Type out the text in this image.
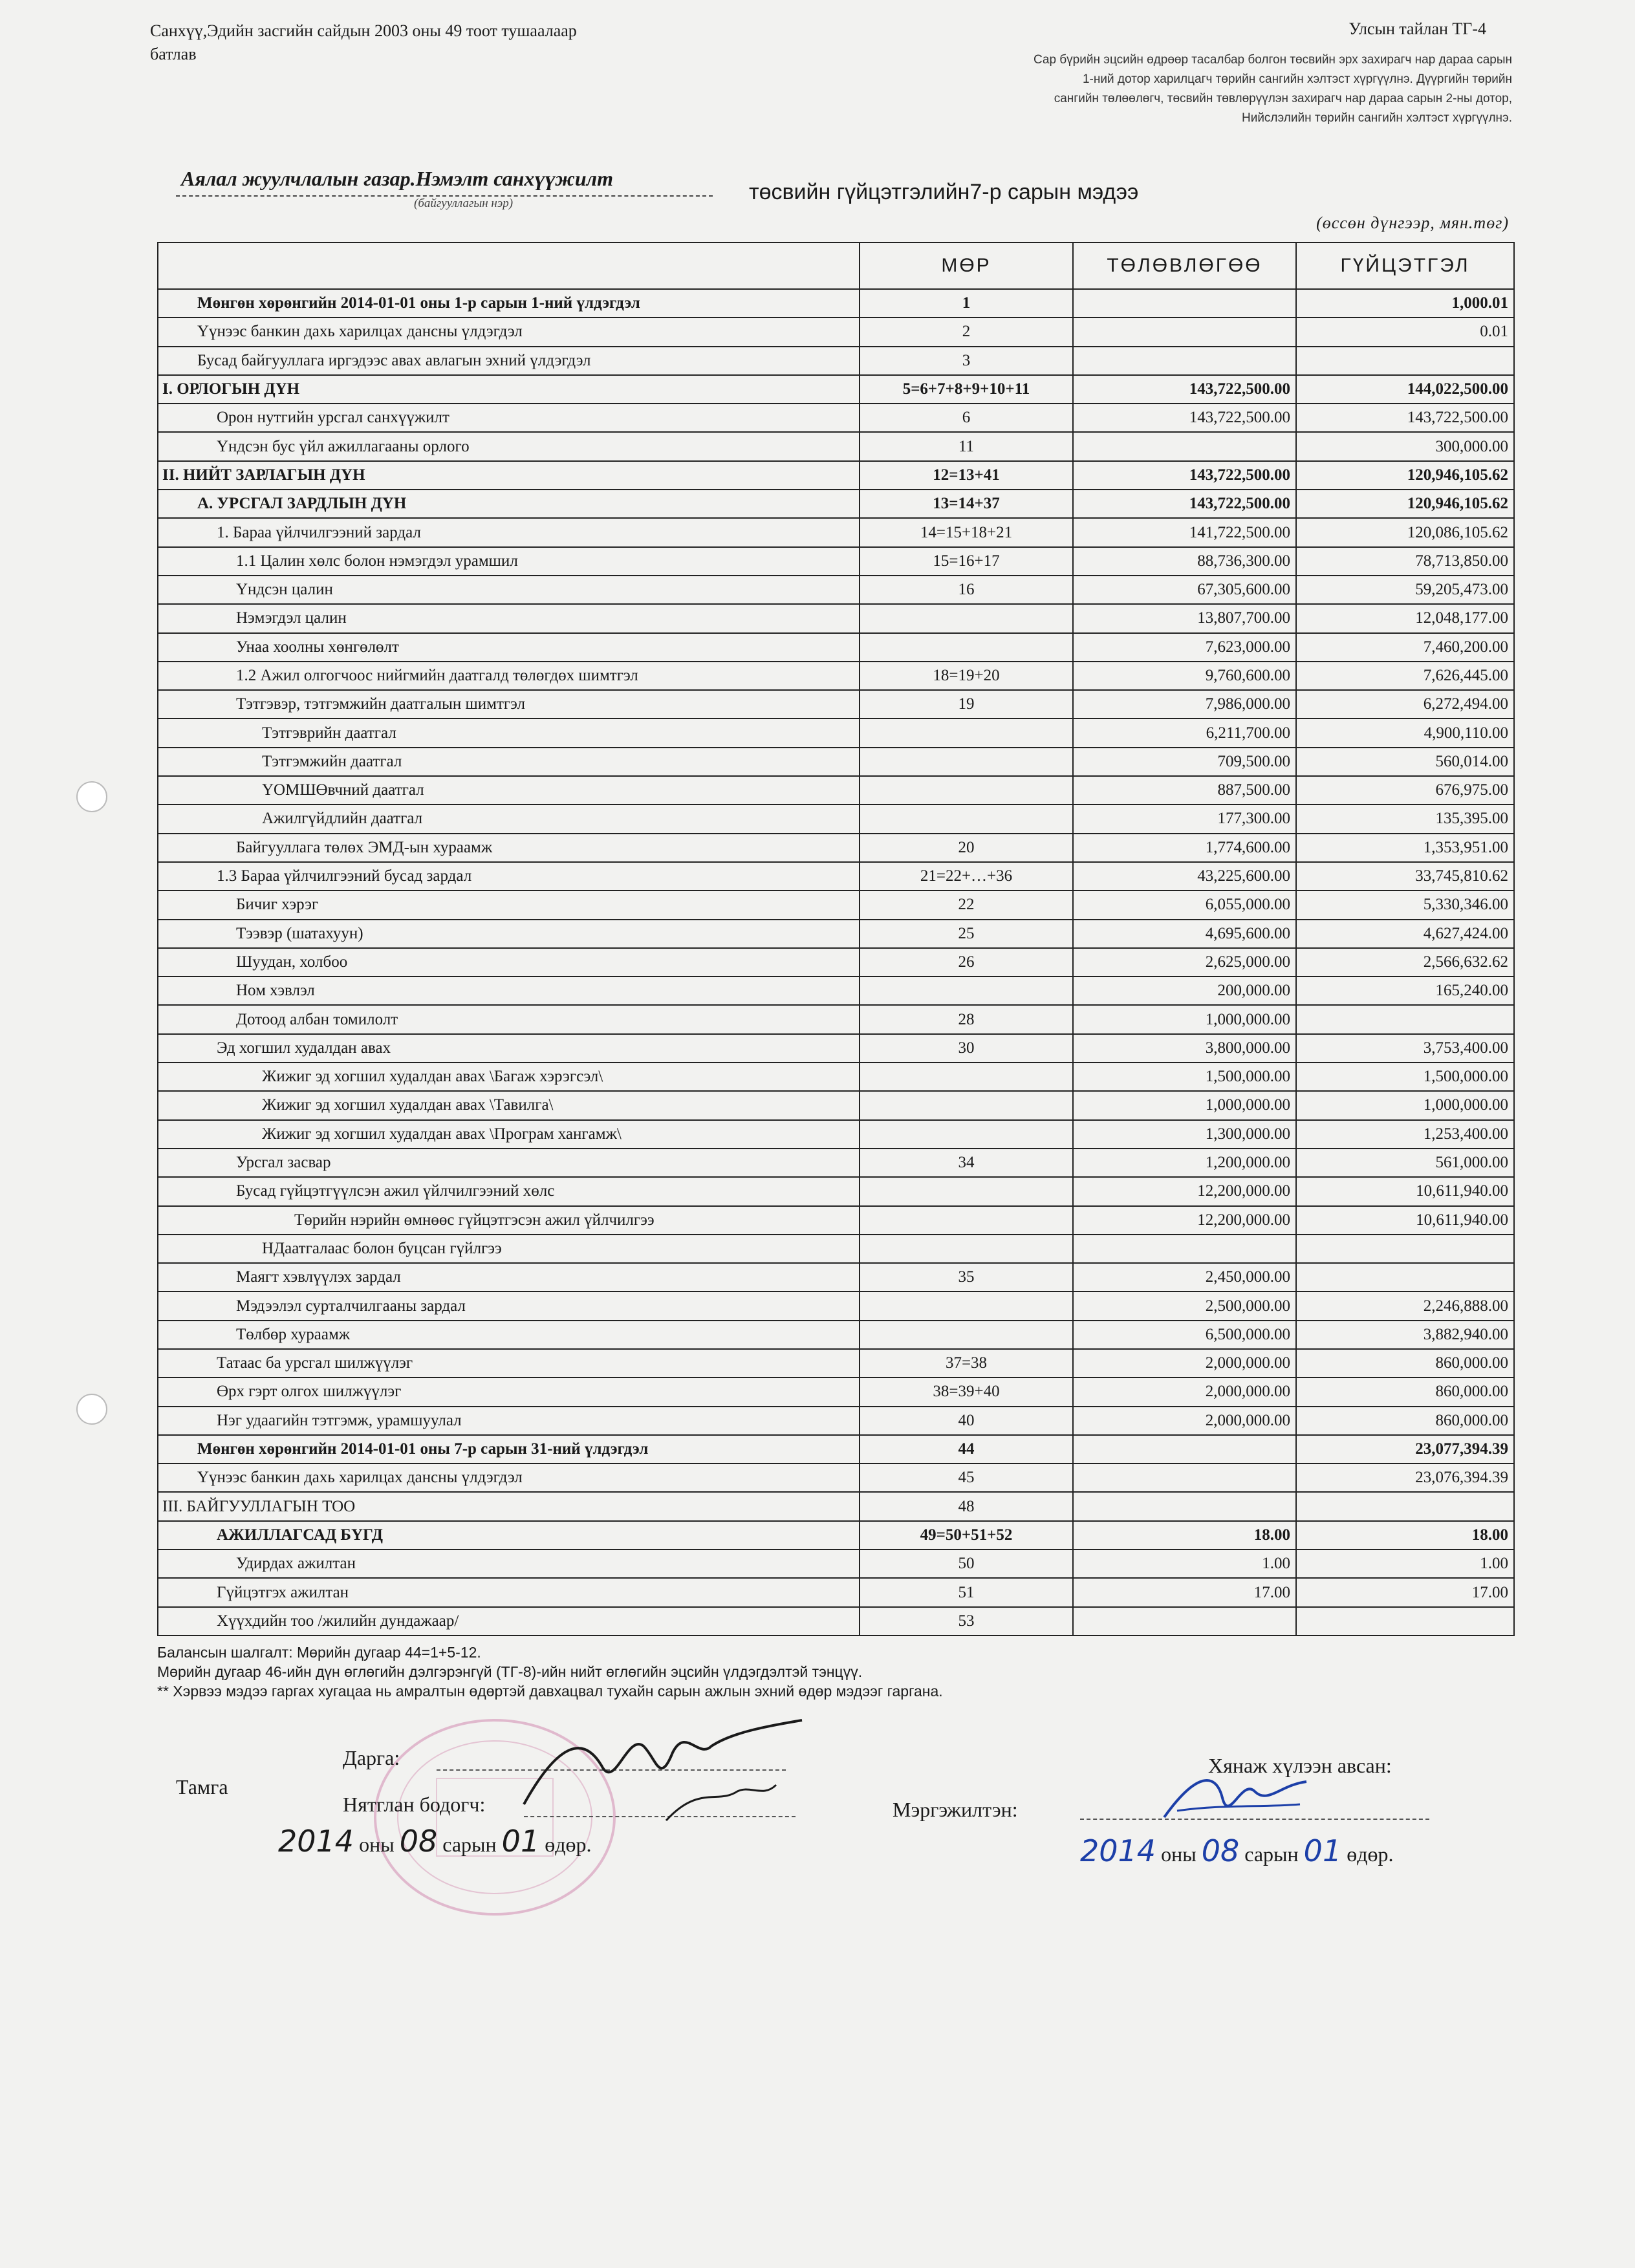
Санхүү,Эдийн засгийн сайдын 2003 оны 49 тоот тушаалаар
батлав
Улсын тайлан ТГ-4
Сар бүрийн эцсийн өдрөөр тасалбар болгон төсвийн эрх захирагч нар дараа сарын
1-ний дотор харилцагч төрийн сангийн хэлтэст хүргүүлнэ. Дүүргийн төрийн
сангийн төлөөлөгч, төсвийн төвлөрүүлэн захирагч нар дараа сарын 2-ны дотор,
Нийслэлийн төрийн сангийн хэлтэст хүргүүлнэ.
Аялал жуулчлалын газар.Нэмэлт санхүүжилт
(байгууллагын нэр)	төсвийн гүйцэтгэлийн7-р сарын мэдээ
(өссөн дүнгээр, мян.төг)
	МӨР	ТӨЛӨВЛӨГӨӨ	ГҮЙЦЭТГЭЛ
Мөнгөн хөрөнгийн 2014-01-01 оны 1-р сарын 1-ний үлдэгдэл	1		1,000.01
Үүнээс банкин дахь харилцах дансны үлдэгдэл	2		0.01
Бусад байгууллага иргэдээс авах авлагын эхний үлдэгдэл	3		
I. ОРЛОГЫН ДҮН	5=6+7+8+9+10+11	143,722,500.00	144,022,500.00
Орон нутгийн урсгал санхүүжилт	6	143,722,500.00	143,722,500.00
Үндсэн бус үйл ажиллагааны орлого	11		300,000.00
II. НИЙТ ЗАРЛАГЫН ДҮН	12=13+41	143,722,500.00	120,946,105.62
А. УРСГАЛ ЗАРДЛЫН ДҮН	13=14+37	143,722,500.00	120,946,105.62
1. Бараа үйлчилгээний зардал	14=15+18+21	141,722,500.00	120,086,105.62
1.1 Цалин хөлс болон нэмэгдэл урамшил	15=16+17	88,736,300.00	78,713,850.00
Үндсэн цалин	16	67,305,600.00	59,205,473.00
Нэмэгдэл цалин		13,807,700.00	12,048,177.00
Унаа хоолны хөнгөлөлт		7,623,000.00	7,460,200.00
1.2 Ажил олгогчоос нийгмийн даатгалд төлөгдөх шимтгэл	18=19+20	9,760,600.00	7,626,445.00
Тэтгэвэр, тэтгэмжийн даатгалын шимтгэл	19	7,986,000.00	6,272,494.00
Тэтгэврийн даатгал		6,211,700.00	4,900,110.00
Тэтгэмжийн даатгал		709,500.00	560,014.00
ҮОМШӨвчний даатгал		887,500.00	676,975.00
Ажилгүйдлийн даатгал		177,300.00	135,395.00
Байгууллага төлөх ЭМД-ын хураамж	20	1,774,600.00	1,353,951.00
1.3 Бараа үйлчилгээний бусад зардал	21=22+…+36	43,225,600.00	33,745,810.62
Бичиг хэрэг	22	6,055,000.00	5,330,346.00
Тээвэр (шатахуун)	25	4,695,600.00	4,627,424.00
Шуудан, холбоо	26	2,625,000.00	2,566,632.62
Ном хэвлэл		200,000.00	165,240.00
Дотоод албан томилолт	28	1,000,000.00	
Эд хогшил худалдан авах	30	3,800,000.00	3,753,400.00
Жижиг эд хогшил худалдан авах \Багаж хэрэгсэл\		1,500,000.00	1,500,000.00
Жижиг эд хогшил худалдан авах \Тавилга\		1,000,000.00	1,000,000.00
Жижиг эд хогшил худалдан авах \Програм хангамж\		1,300,000.00	1,253,400.00
Урсгал засвар	34	1,200,000.00	561,000.00
Бусад гүйцэтгүүлсэн ажил үйлчилгээний хөлс		12,200,000.00	10,611,940.00
Төрийн нэрийн өмнөөс гүйцэтгэсэн ажил үйлчилгээ		12,200,000.00	10,611,940.00
НДаатгалаас болон буцсан гүйлгээ			
Маягт хэвлүүлэх зардал	35	2,450,000.00	
Мэдээлэл сурталчилгааны зардал		2,500,000.00	2,246,888.00
Төлбөр хураамж		6,500,000.00	3,882,940.00
Татаас ба урсгал шилжүүлэг	37=38	2,000,000.00	860,000.00
Өрх гэрт олгох шилжүүлэг	38=39+40	2,000,000.00	860,000.00
Нэг удаагийн тэтгэмж, урамшуулал	40	2,000,000.00	860,000.00
Мөнгөн хөрөнгийн 2014-01-01 оны 7-р сарын 31-ний үлдэгдэл	44		23,077,394.39
Үүнээс банкин дахь харилцах дансны үлдэгдэл	45		23,076,394.39
III. БАЙГУУЛЛАГЫН ТОО	48		
АЖИЛЛАГСАД БҮГД	49=50+51+52	18.00	18.00
Удирдах ажилтан	50	1.00	1.00
Гүйцэтгэх ажилтан	51	17.00	17.00
Хүүхдийн тоо /жилийн дундажаар/	53		
Балансын шалгалт: Мөрийн дугаар 44=1+5-12.
Мөрийн дугаар 46-ийн дүн өглөгийн дэлгэрэнгүй (ТГ-8)-ийн нийт өглөгийн эцсийн үлдэгдэлтэй тэнцүү.
** Хэрвээ мэдээ гаргах хугацаа нь амралтын өдөртэй давхацвал тухайн сарын ажлын эхний өдөр мэдээг гаргана.
Тамга
Дарга:
Нятглан бодогч:
2014 оны 08 сарын 01 өдөр.
Хянаж хүлээн авсан:
Мэргэжилтэн:
2014 оны 08 сарын 01 өдөр.
